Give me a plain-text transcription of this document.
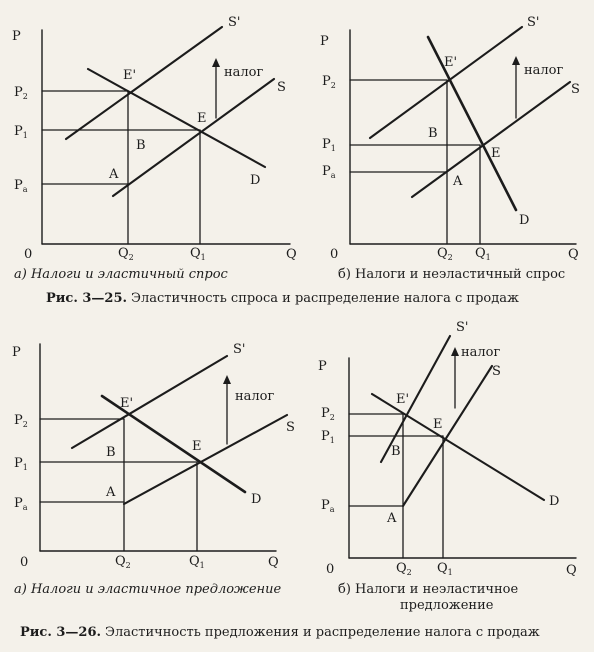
P
Q
0
$P_2$
$P_1$
$P_a$
$Q_2$	$Q_1$
S'
S
D
E'
E
B
A
налог
P
Q
0
$P_2$
$P_1$
$P_a$
$Q_2$ $Q_1$
S'
S
D
E'
E
B
A
налог
а) Налоги и эластичный спрос	б) Налоги и неэластичный спрос
Рис. 3—25. Эластичность спроса и распределение налога с продаж
P
Q
0
$P_2$
$P_1$
$P_a$
$Q_2$	$Q_1$
S'
S
D
E'
E
B
A
налог
P
Q
0
$P_2$
$P_1$
$P_a$
$Q_2$ $Q_1$
S'
S
D
E'
E
B
A
налог
а) Налоги и эластичное предложение	б) Налоги и неэластичное
предложение
Рис. 3—26. Эластичность предложения и распределение налога с продаж
